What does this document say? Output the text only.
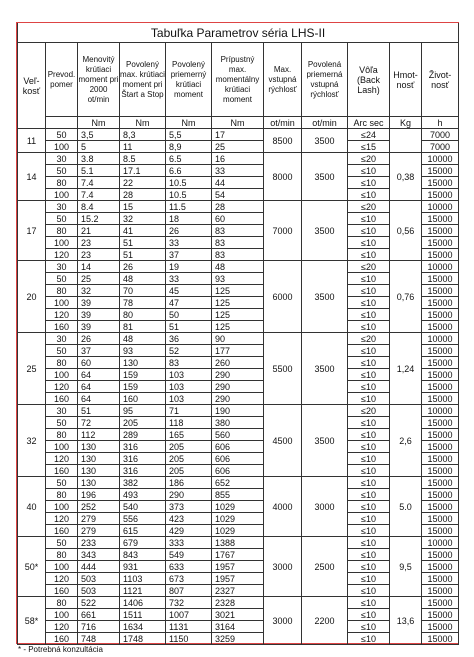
Tabuľka Parametrov séria LHS-II										
Veľ-kosť	Prevod. pomer	Menovitý krútiaci moment pri 2000 ot/min	Povolený max. krútiaci moment pri Štart a Stop	Povolený priemerný krútiaci moment	Prípustný max. momentálny krútiaci moment	Max. vstupná rýchlosť	Povolená priemerná vstupná rýchlosť	Vôľa (Back Lash)	Hmot-nosť	Život-nosť
		Nm	Nm	Nm	Nm	ot/min	ot/min	Arc sec	Kg	h
11	50	3,5	8,3	5,5	17	8500	3500	≤24		7000
	100	5	11	8,9	25			≤15		7000
14	30	3.8	8.5	6.5	16	8000	3500	≤20	0,38	10000
	50	5.1	17.1	6.6	33			≤10		15000
	80	7.4	22	10.5	44			≤10		15000
	100	7.4	28	10.5	54			≤10		15000
17	30	8.4	15	11.5	28	7000	3500	≤20	0,56	10000
	50	15.2	32	18	60			≤10		15000
	80	21	41	26	83			≤10		15000
	100	23	51	33	83			≤10		15000
	120	23	51	37	83			≤10		15000
20	30	14	26	19	48	6000	3500	≤20	0,76	10000
	50	25	48	33	93			≤10		15000
	80	32	70	45	125			≤10		15000
	100	39	78	47	125			≤10		15000
	120	39	80	50	125			≤10		15000
	160	39	81	51	125			≤10		15000
25	30	26	48	36	90	5500	3500	≤20	1,24	10000
	50	37	93	52	177			≤10		15000
	80	60	130	83	260			≤10		15000
	100	64	159	103	290			≤10		15000
	120	64	159	103	290			≤10		15000
	160	64	160	103	290			≤10		15000
32	30	51	95	71	190	4500	3500	≤20	2,6	10000
	50	72	205	118	380			≤10		15000
	80	112	289	165	560			≤10		15000
	100	130	316	205	606			≤10		15000
	120	130	316	205	606			≤10		15000
	160	130	316	205	606			≤10		15000
40	50	130	382	186	652	4000	3000	≤10	5.0	15000
	80	196	493	290	855			≤10		15000
	100	252	540	373	1029			≤10		15000
	120	279	556	423	1029			≤10		15000
	160	279	615	429	1029			≤10		15000
50*	50	233	679	333	1388	3000	2500	≤10	9,5	10000
	80	343	843	549	1767			≤10		15000
	100	444	931	633	1957			≤10		15000
	120	503	1103	673	1957			≤10		15000
	160	503	1121	807	2327			≤10		15000
58*	80	522	1406	732	2328	3000	2200	≤10	13,6	15000
	100	661	1511	1007	3021			≤10		15000
	120	716	1634	1131	3164			≤10		15000
	160	748	1748	1150	3259			≤10		15000
* - Potrebná konzultácia
